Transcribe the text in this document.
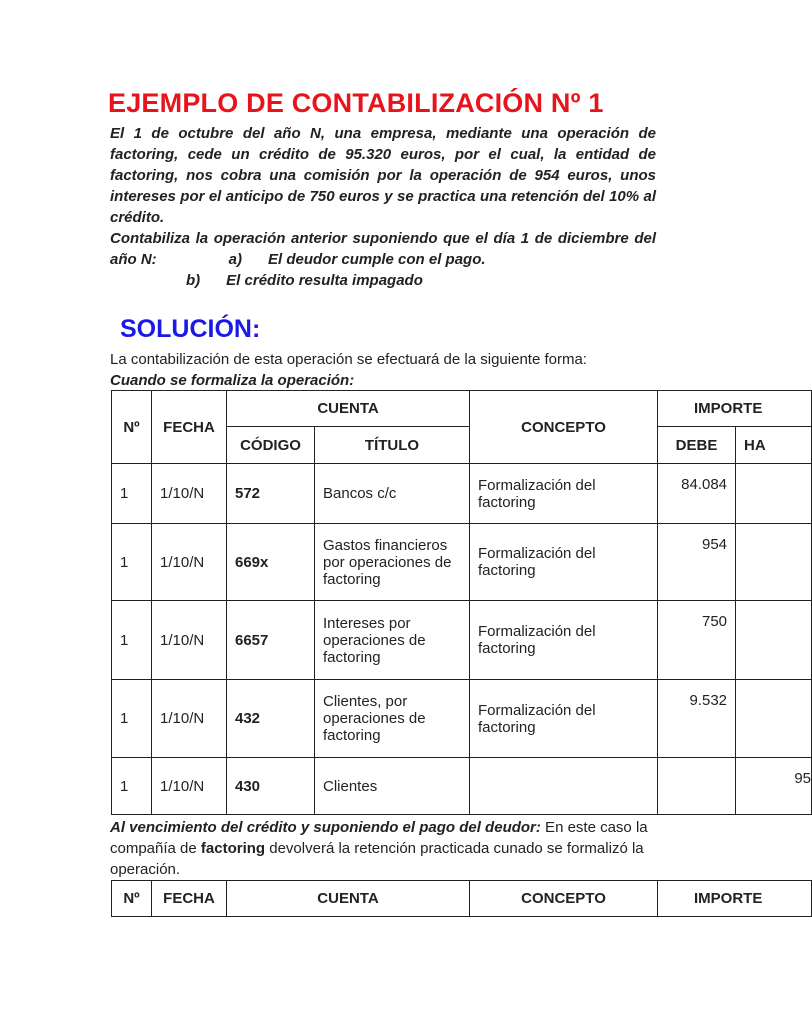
EJEMPLO DE CONTABILIZACIÓN Nº 1

El 1 de octubre del año N, una empresa, mediante una operación de factoring, cede un crédito de 95.320 euros, por el cual, la entidad de factoring, nos cobra una comisión por la operación de 954 euros, unos intereses por el anticipo de 750 euros y se practica una retención del 10% al crédito.

Contabiliza la operación anterior suponiendo que el día 1 de diciembre del año N:	a) El deudor cumple con el pago.

b) El crédito resulta impagado

SOLUCIÓN:

La contabilización de esta operación se efectuará de la siguiente forma: Cuando se formaliza la operación:

Nº	FECHA	CUENTA		CONCEPTO	IMPORTE	
		CÓDIGO	TÍTULO		DEBE	HA
1	1/10/N	572	Bancos c/c	Formalización del factoring	84.084	
1	1/10/N	669x	Gastos financieros por operaciones de factoring	Formalización del factoring	954	
1	1/10/N	6657	Intereses por operaciones de factoring	Formalización del factoring	750	
1	1/10/N	432	Clientes, por operaciones de factoring	Formalización del factoring	9.532	
1	1/10/N	430	Clientes			95

Al vencimiento del crédito y suponiendo el pago del deudor: En este caso la compañía de factoring devolverá la retención practicada cunado se formalizó la operación.

Nº	FECHA	CUENTA	CONCEPTO	IMPORTE
